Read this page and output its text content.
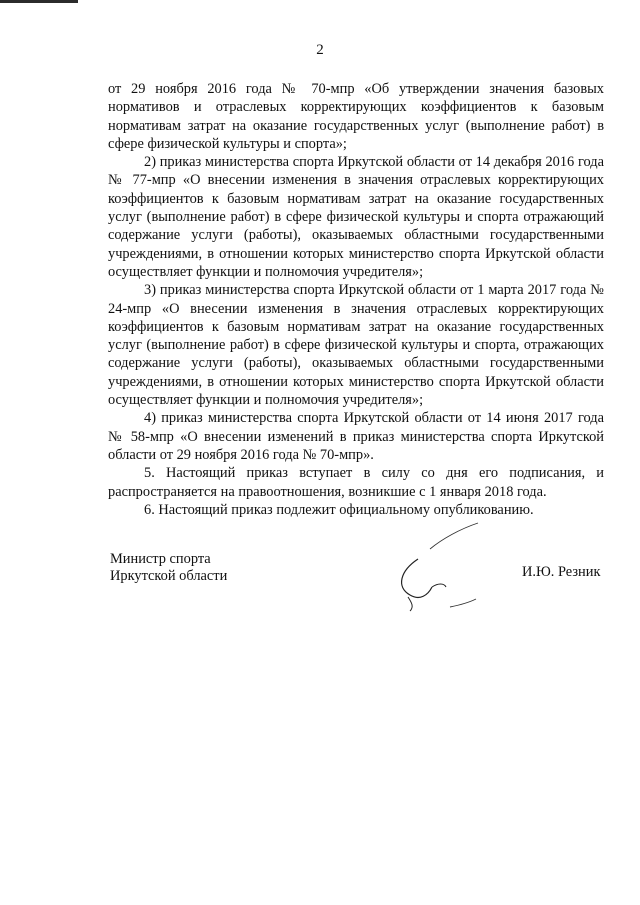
2

от 29 ноября 2016 года № 70-мпр «Об утверждении значения базовых нормативов и отраслевых корректирующих коэффициентов к базовым нормативам затрат на оказание государственных услуг (выполнение работ) в сфере физической культуры и спорта»;

2) приказ министерства спорта Иркутской области от 14 декабря 2016 года № 77-мпр «О внесении изменения в значения отраслевых корректирующих коэффициентов к базовым нормативам затрат на оказание государственных услуг (выполнение работ) в сфере физической культуры и спорта отражающий содержание услуги (работы), оказываемых областными государственными учреждениями, в отношении которых министерство спорта Иркутской области осуществляет функции и полномочия учредителя»;

3) приказ министерства спорта Иркутской области от 1 марта 2017 года № 24-мпр «О внесении изменения в значения отраслевых корректирующих коэффициентов к базовым нормативам затрат на оказание государственных услуг (выполнение работ) в сфере физической культуры и спорта, отражающих содержание услуги (работы), оказываемых областными государственными учреждениями, в отношении которых министерство спорта Иркутской области осуществляет функции и полномочия учредителя»;

4) приказ министерства спорта Иркутской области от 14 июня 2017 года № 58-мпр «О внесении изменений в приказ министерства спорта Иркутской области от 29 ноября 2016 года № 70-мпр».

5. Настоящий приказ вступает в силу со дня его подписания, и распространяется на правоотношения, возникшие с 1 января 2018 года.

6. Настоящий приказ подлежит официальному опубликованию.

Министр спорта
Иркутской области	И.Ю. Резник
